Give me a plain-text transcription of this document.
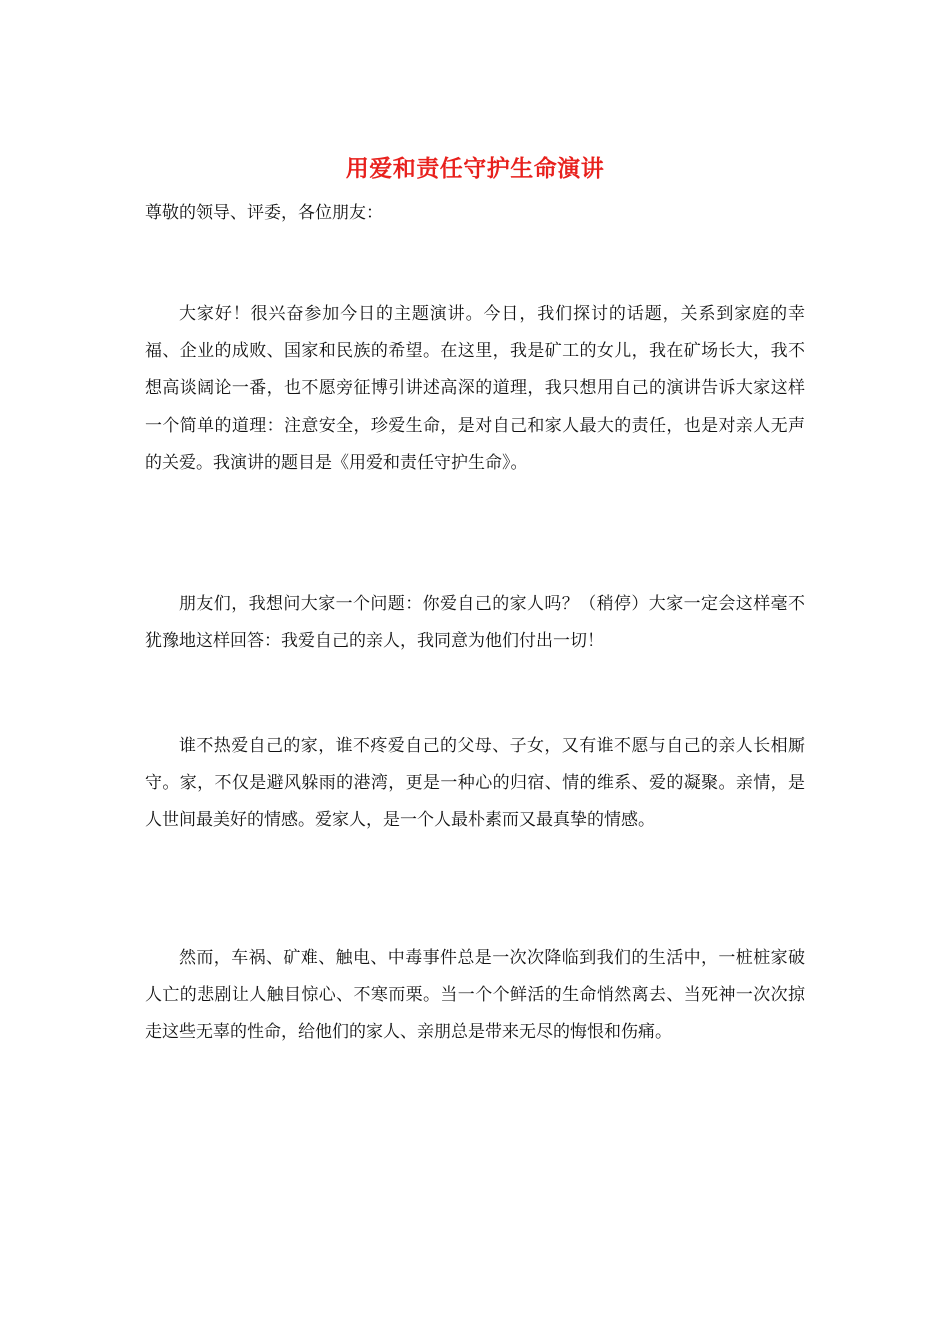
用爱和责任守护生命演讲
尊敬的领导、评委，各位朋友：

大家好！很兴奋参加今日的主题演讲。今日，我们探讨的话题，关系到家庭的幸福、企业的成败、国家和民族的希望。在这里，我是矿工的女儿，我在矿场长大，我不想高谈阔论一番，也不愿旁征博引讲述高深的道理，我只想用自己的演讲告诉大家这样一个简单的道理：注意安全，珍爱生命，是对自己和家人最大的责任，也是对亲人无声的关爱。我演讲的题目是《用爱和责任守护生命》。

朋友们，我想问大家一个问题：你爱自己的家人吗？（稍停）大家一定会这样毫不犹豫地这样回答：我爱自己的亲人，我同意为他们付出一切！

谁不热爱自己的家，谁不疼爱自己的父母、子女，又有谁不愿与自己的亲人长相厮守。家，不仅是避风躲雨的港湾，更是一种心的归宿、情的维系、爱的凝聚。亲情，是人世间最美好的情感。爱家人，是一个人最朴素而又最真挚的情感。

然而，车祸、矿难、触电、中毒事件总是一次次降临到我们的生活中，一桩桩家破人亡的悲剧让人触目惊心、不寒而栗。当一个个鲜活的生命悄然离去、当死神一次次掠走这些无辜的性命，给他们的家人、亲朋总是带来无尽的悔恨和伤痛。
